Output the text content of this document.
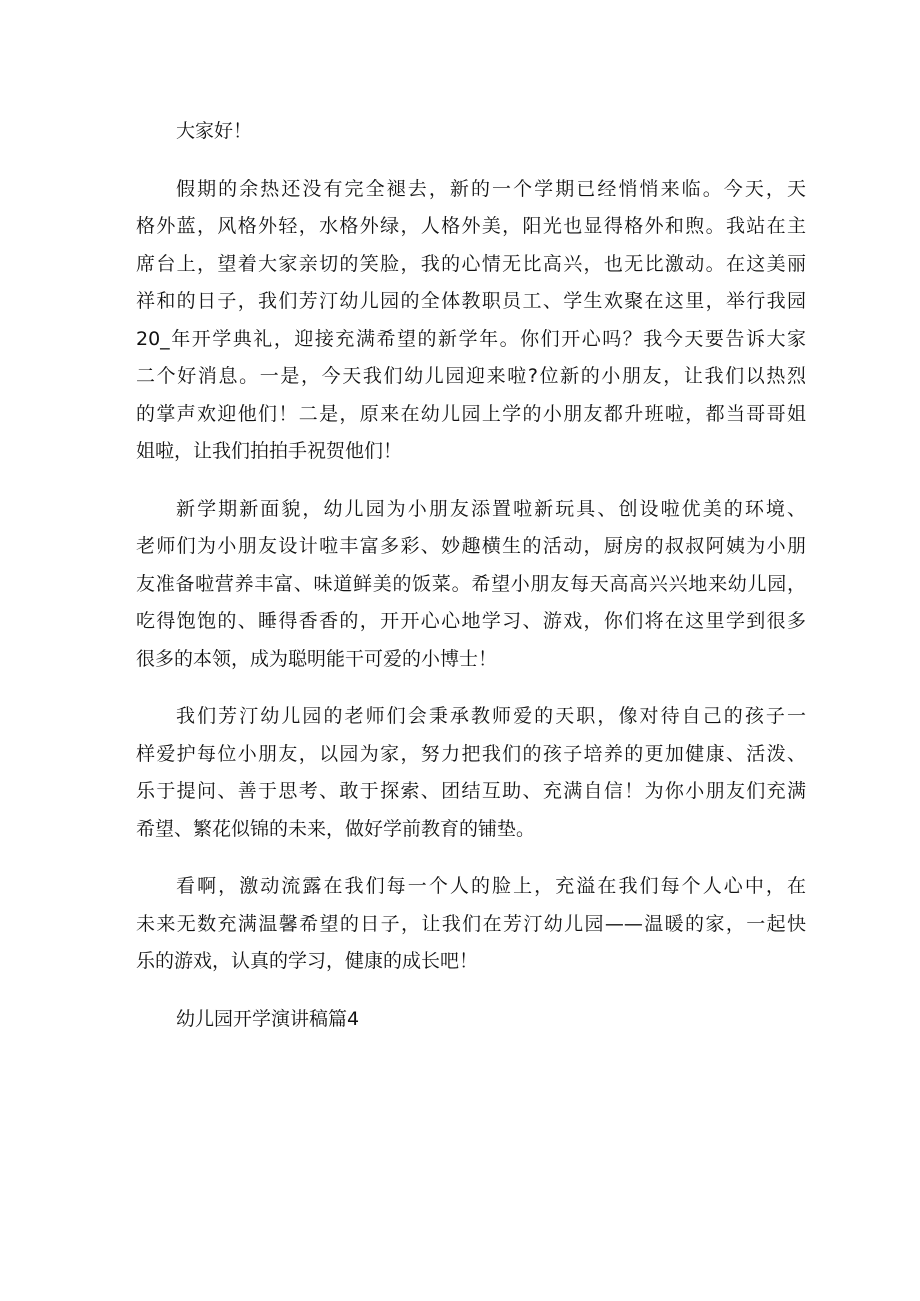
大家好！
假期的余热还没有完全褪去，新的一个学期已经悄悄来临。今天，天
格外蓝，风格外轻，水格外绿，人格外美，阳光也显得格外和煦。我站在主
席台上，望着大家亲切的笑脸，我的心情无比高兴，也无比激动。在这美丽
祥和的日子，我们芳汀幼儿园的全体教职员工、学生欢聚在这里，举行我园
20_年开学典礼，迎接充满希望的新学年。你们开心吗？我今天要告诉大家
二个好消息。一是，今天我们幼儿园迎来啦?位新的小朋友，让我们以热烈
的掌声欢迎他们！二是，原来在幼儿园上学的小朋友都升班啦，都当哥哥姐
姐啦，让我们拍拍手祝贺他们！
新学期新面貌，幼儿园为小朋友添置啦新玩具、创设啦优美的环境、
老师们为小朋友设计啦丰富多彩、妙趣横生的活动，厨房的叔叔阿姨为小朋
友准备啦营养丰富、味道鲜美的饭菜。希望小朋友每天高高兴兴地来幼儿园，
吃得饱饱的、睡得香香的，开开心心地学习、游戏，你们将在这里学到很多
很多的本领，成为聪明能干可爱的小博士！
我们芳汀幼儿园的老师们会秉承教师爱的天职，像对待自己的孩子一
样爱护每位小朋友，以园为家，努力把我们的孩子培养的更加健康、活泼、
乐于提问、善于思考、敢于探索、团结互助、充满自信！为你小朋友们充满
希望、繁花似锦的未来，做好学前教育的铺垫。
看啊，激动流露在我们每一个人的脸上，充溢在我们每个人心中，在
未来无数充满温馨希望的日子，让我们在芳汀幼儿园——温暖的家，一起快
乐的游戏，认真的学习，健康的成长吧！
幼儿园开学演讲稿篇4
